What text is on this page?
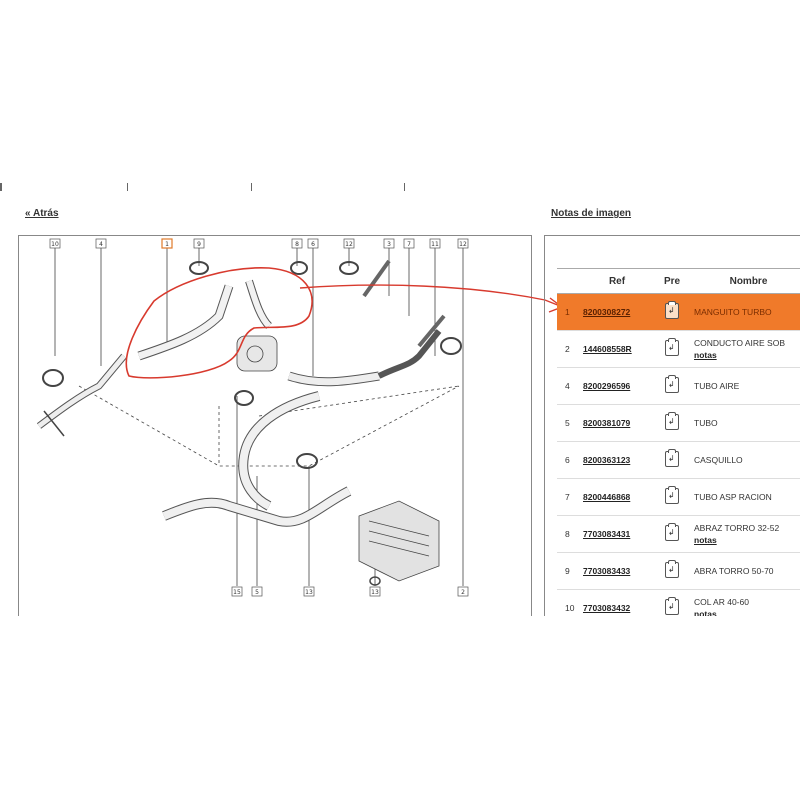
« Atrás	Notas de imagen
10	4	1	9	8 6	12	3	7	11	12
15 5	13	13	2
	Ref	Pre	Nombre
1	8200308272	↲	MANGUITO TURBO
2	144608558R	↲	CONDUCTO AIRE SOB
notas

4	8200296596	↲	TUBO AIRE
5	8200381079	↲	TUBO
6	8200363123	↲	CASQUILLO
7	8200446868	↲	TUBO ASP RACION
8	7703083431	↲	ABRAZ TORRO 32-52
notas

9	7703083433	↲	ABRA TORRO 50-70
10	7703083432	↲	COL AR 40-60
notas
